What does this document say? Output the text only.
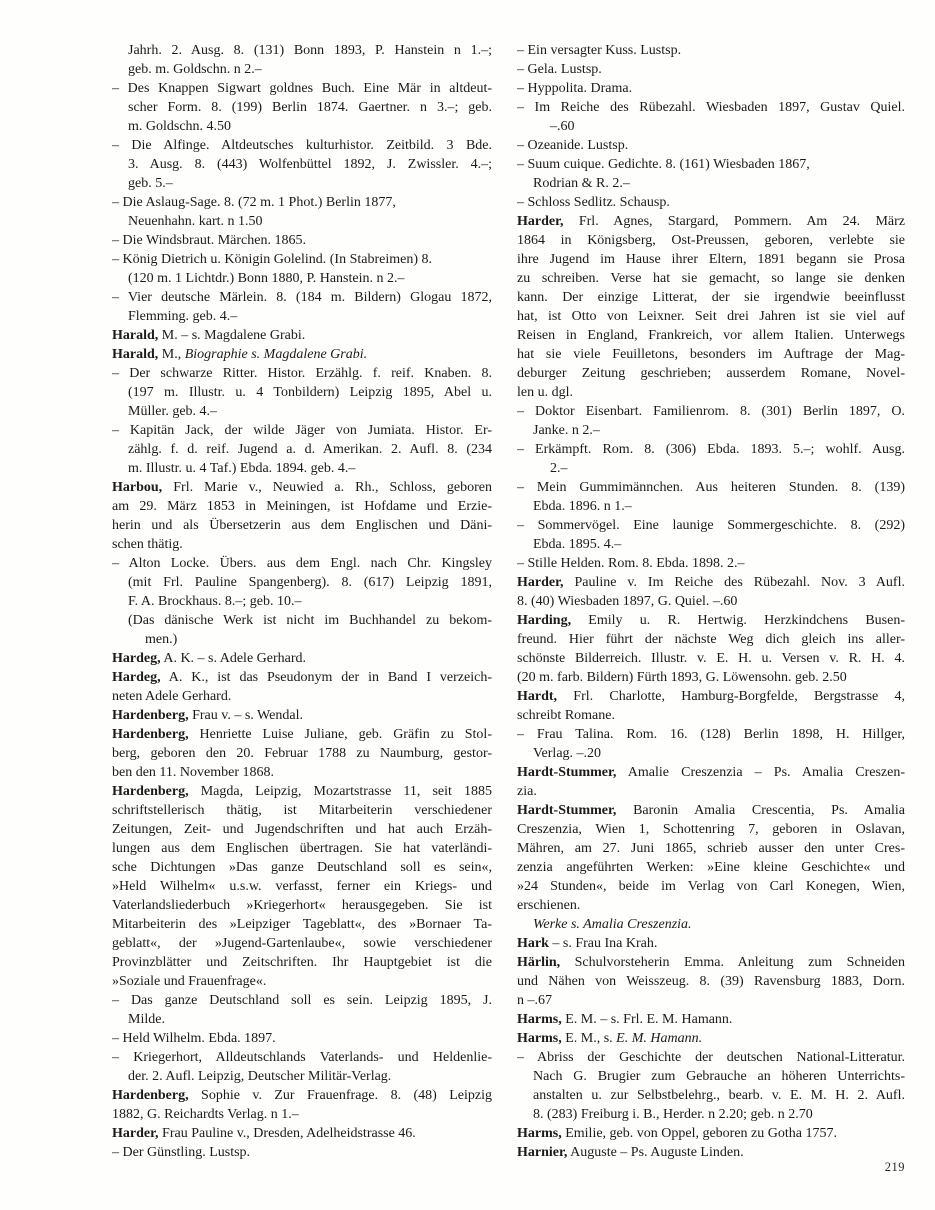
Jahrh. 2. Ausg. 8. (131) Bonn 1893, P. Hanstein n 1.–;
geb. m. Goldschn. n 2.–
– Des Knappen Sigwart goldnes Buch. Eine Mär in altdeut-
scher Form. 8. (199) Berlin 1874. Gaertner. n 3.–; geb.
m. Goldschn. 4.50
– Die Alfinge. Altdeutsches kulturhistor. Zeitbild. 3 Bde.
3. Ausg. 8. (443) Wolfenbüttel 1892, J. Zwissler. 4.–;
geb. 5.–
– Die Aslaug-Sage. 8. (72 m. 1 Phot.) Berlin 1877,
Neuenhahn. kart. n 1.50
– Die Windsbraut. Märchen. 1865.
– König Dietrich u. Königin Golelind. (In Stabreimen) 8.
(120 m. 1 Lichtdr.) Bonn 1880, P. Hanstein. n 2.–
– Vier deutsche Märlein. 8. (184 m. Bildern) Glogau 1872,
Flemming. geb. 4.–
Harald, M. – s. Magdalene Grabi.
Harald, M., Biographie s. Magdalene Grabi.
– Der schwarze Ritter. Histor. Erzählg. f. reif. Knaben. 8.
(197 m. Illustr. u. 4 Tonbildern) Leipzig 1895, Abel u.
Müller. geb. 4.–
– Kapitän Jack, der wilde Jäger von Jumiata. Histor. Er-
zählg. f. d. reif. Jugend a. d. Amerikan. 2. Aufl. 8. (234
m. Illustr. u. 4 Taf.) Ebda. 1894. geb. 4.–
Harbou, Frl. Marie v., Neuwied a. Rh., Schloss, geboren
am 29. März 1853 in Meiningen, ist Hofdame und Erzie-
herin und als Übersetzerin aus dem Englischen und Däni-
schen thätig.
– Alton Locke. Übers. aus dem Engl. nach Chr. Kingsley
(mit Frl. Pauline Spangenberg). 8. (617) Leipzig 1891,
F. A. Brockhaus. 8.–; geb. 10.–
(Das dänische Werk ist nicht im Buchhandel zu bekom-
men.)
Hardeg, A. K. – s. Adele Gerhard.
Hardeg, A. K., ist das Pseudonym der in Band I verzeich-
neten Adele Gerhard.
Hardenberg, Frau v. – s. Wendal.
Hardenberg, Henriette Luise Juliane, geb. Gräfin zu Stol-
berg, geboren den 20. Februar 1788 zu Naumburg, gestor-
ben den 11. November 1868.
Hardenberg, Magda, Leipzig, Mozartstrasse 11, seit 1885
schriftstellerisch thätig, ist Mitarbeiterin verschiedener
Zeitungen, Zeit- und Jugendschriften und hat auch Erzäh-
lungen aus dem Englischen übertragen. Sie hat vaterländi-
sche Dichtungen »Das ganze Deutschland soll es sein«,
»Held Wilhelm« u.s.w. verfasst, ferner ein Kriegs- und
Vaterlandsliederbuch »Kriegerhort« herausgegeben. Sie ist
Mitarbeiterin des »Leipziger Tageblatt«, des »Bornaer Ta-
geblatt«, der »Jugend-Gartenlaube«, sowie verschiedener
Provinzblätter und Zeitschriften. Ihr Hauptgebiet ist die
»Soziale und Frauenfrage«.
– Das ganze Deutschland soll es sein. Leipzig 1895, J.
Milde.
– Held Wilhelm. Ebda. 1897.
– Kriegerhort, Alldeutschlands Vaterlands- und Heldenlie-
der. 2. Aufl. Leipzig, Deutscher Militär-Verlag.
Hardenberg, Sophie v. Zur Frauenfrage. 8. (48) Leipzig
1882, G. Reichardts Verlag. n 1.–
Harder, Frau Pauline v., Dresden, Adelheidstrasse 46.
– Der Günstling. Lustsp.
– Ein versagter Kuss. Lustsp.
– Gela. Lustsp.
– Hyppolita. Drama.
– Im Reiche des Rübezahl. Wiesbaden 1897, Gustav Quiel.
–.60
– Ozeanide. Lustsp.
– Suum cuique. Gedichte. 8. (161) Wiesbaden 1867,
Rodrian & R. 2.–
– Schloss Sedlitz. Schausp.
Harder, Frl. Agnes, Stargard, Pommern. Am 24. März
1864 in Königsberg, Ost-Preussen, geboren, verlebte sie
ihre Jugend im Hause ihrer Eltern, 1891 begann sie Prosa
zu schreiben. Verse hat sie gemacht, so lange sie denken
kann. Der einzige Litterat, der sie irgendwie beeinflusst
hat, ist Otto von Leixner. Seit drei Jahren ist sie viel auf
Reisen in England, Frankreich, vor allem Italien. Unterwegs
hat sie viele Feuilletons, besonders im Auftrage der Mag-
deburger Zeitung geschrieben; ausserdem Romane, Novel-
len u. dgl.
– Doktor Eisenbart. Familienrom. 8. (301) Berlin 1897, O.
Janke. n 2.–
– Erkämpft. Rom. 8. (306) Ebda. 1893. 5.–; wohlf. Ausg.
2.–
– Mein Gummimännchen. Aus heiteren Stunden. 8. (139)
Ebda. 1896. n 1.–
– Sommervögel. Eine launige Sommergeschichte. 8. (292)
Ebda. 1895. 4.–
– Stille Helden. Rom. 8. Ebda. 1898. 2.–
Harder, Pauline v. Im Reiche des Rübezahl. Nov. 3 Aufl.
8. (40) Wiesbaden 1897, G. Quiel. –.60
Harding, Emily u. R. Hertwig. Herzkindchens Busen-
freund. Hier führt der nächste Weg dich gleich ins aller-
schönste Bilderreich. Illustr. v. E. H. u. Versen v. R. H. 4.
(20 m. farb. Bildern) Fürth 1893, G. Löwensohn. geb. 2.50
Hardt, Frl. Charlotte, Hamburg-Borgfelde, Bergstrasse 4,
schreibt Romane.
– Frau Talina. Rom. 16. (128) Berlin 1898, H. Hillger,
Verlag. –.20
Hardt-Stummer, Amalie Creszenzia – Ps. Amalia Creszen-
zia.
Hardt-Stummer, Baronin Amalia Crescentia, Ps. Amalia
Creszenzia, Wien 1, Schottenring 7, geboren in Oslavan,
Mähren, am 27. Juni 1865, schrieb ausser den unter Cres-
zenzia angeführten Werken: »Eine kleine Geschichte« und
»24 Stunden«, beide im Verlag von Carl Konegen, Wien,
erschienen.
Werke s. Amalia Creszenzia.
Hark – s. Frau Ina Krah.
Härlin, Schulvorsteherin Emma. Anleitung zum Schneiden
und Nähen von Weisszeug. 8. (39) Ravensburg 1883, Dorn.
n –.67
Harms, E. M. – s. Frl. E. M. Hamann.
Harms, E. M., s. E. M. Hamann.
– Abriss der Geschichte der deutschen National-Litteratur.
Nach G. Brugier zum Gebrauche an höheren Unterrichts-
anstalten u. zur Selbstbelehrg., bearb. v. E. M. H. 2. Aufl.
8. (283) Freiburg i. B., Herder. n 2.20; geb. n 2.70
Harms, Emilie, geb. von Oppel, geboren zu Gotha 1757.
Harnier, Auguste – Ps. Auguste Linden.
219
